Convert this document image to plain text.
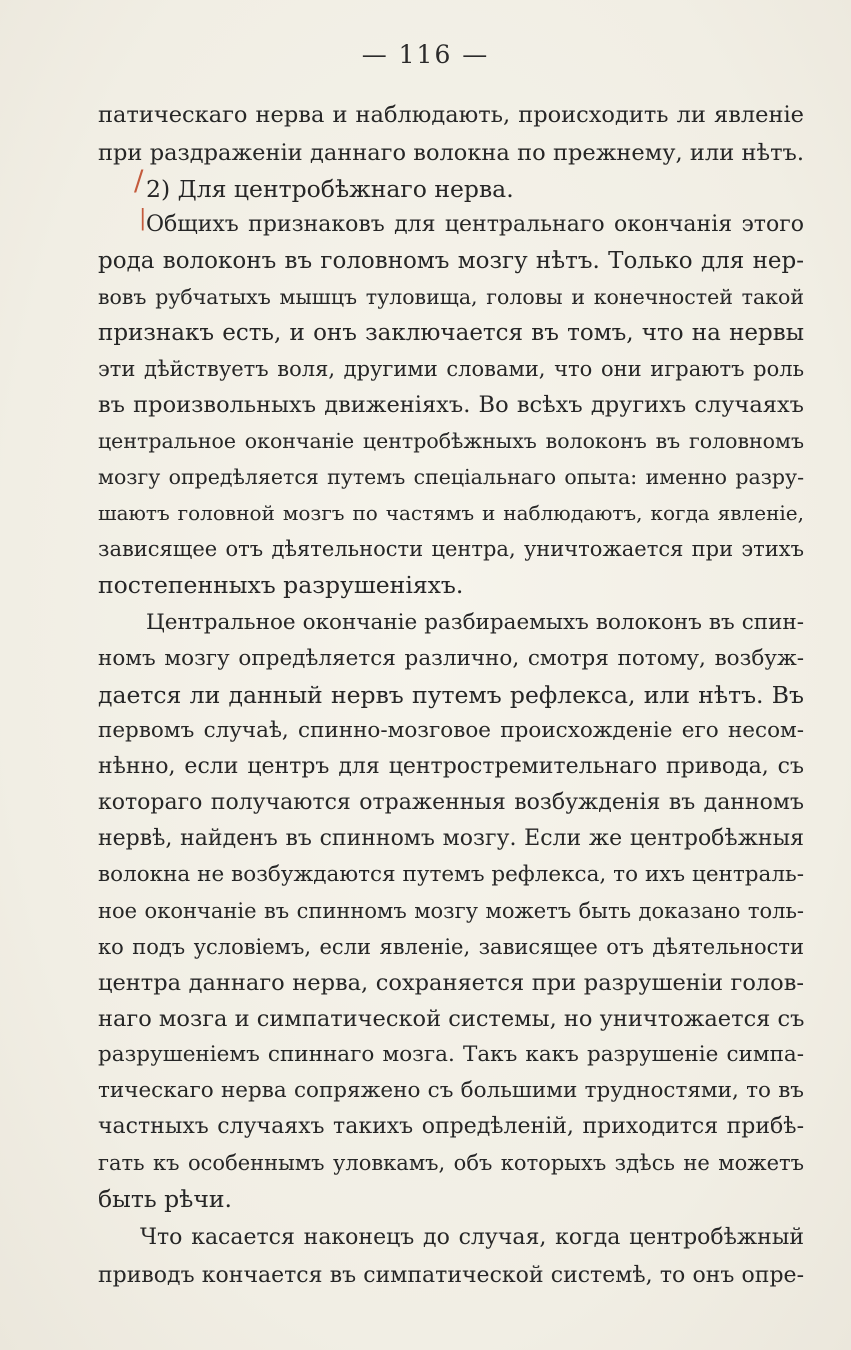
— 116 —
/
|
патическаго нерва и наблюдають, происходить ли явленіе
при раздраженіи даннаго волокна по прежнему, или нѣтъ.
2) Для центробѣжнаго нерва.
Общихъ признаковъ для центральнаго окончанія этого
рода волоконъ въ головномъ мозгу нѣтъ. Только для нер-
вовъ рубчатыхъ мышцъ туловища, головы и конечностей такой
признакъ есть, и онъ заключается въ томъ, что на нервы
эти дѣйствуетъ воля, другими словами, что они играютъ роль
въ произвольныхъ движеніяхъ. Во всѣхъ другихъ случаяхъ
центральное окончаніе центробѣжныхъ волоконъ въ головномъ
мозгу опредѣляется путемъ спеціальнаго опыта: именно разру-
шаютъ головной мозгъ по частямъ и наблюдаютъ, когда явленіе,
зависящее отъ дѣятельности центра, уничтожается при этихъ
постепенныхъ разрушеніяхъ.
Центральное окончаніе разбираемыхъ волоконъ въ спин-
номъ мозгу опредѣляется различно, смотря потому, возбуж-
дается ли данный нервъ путемъ рефлекса, или нѣтъ. Въ
первомъ случаѣ, спинно-мозговое происхожденіе его несом-
нѣнно, если центръ для центростремительнаго привода, съ
котораго получаются отраженныя возбужденія въ данномъ
нервѣ, найденъ въ спинномъ мозгу. Если же центробѣжныя
волокна не возбуждаются путемъ рефлекса, то ихъ централь-
ное окончаніе въ спинномъ мозгу можетъ быть доказано толь-
ко подъ условіемъ, если явленіе, зависящее отъ дѣятельности
центра даннаго нерва, сохраняется при разрушеніи голов-
наго мозга и симпатической системы, но уничтожается съ
разрушеніемъ спиннаго мозга. Такъ какъ разрушеніе симпа-
тическаго нерва сопряжено съ большими трудностями, то въ
частныхъ случаяхъ такихъ опредѣленій, приходится прибѣ-
гать къ особеннымъ уловкамъ, объ которыхъ здѣсь не можетъ
быть рѣчи.
Что касается наконецъ до случая, когда центробѣжный
приводъ кончается въ симпатической системѣ, то онъ опре-
